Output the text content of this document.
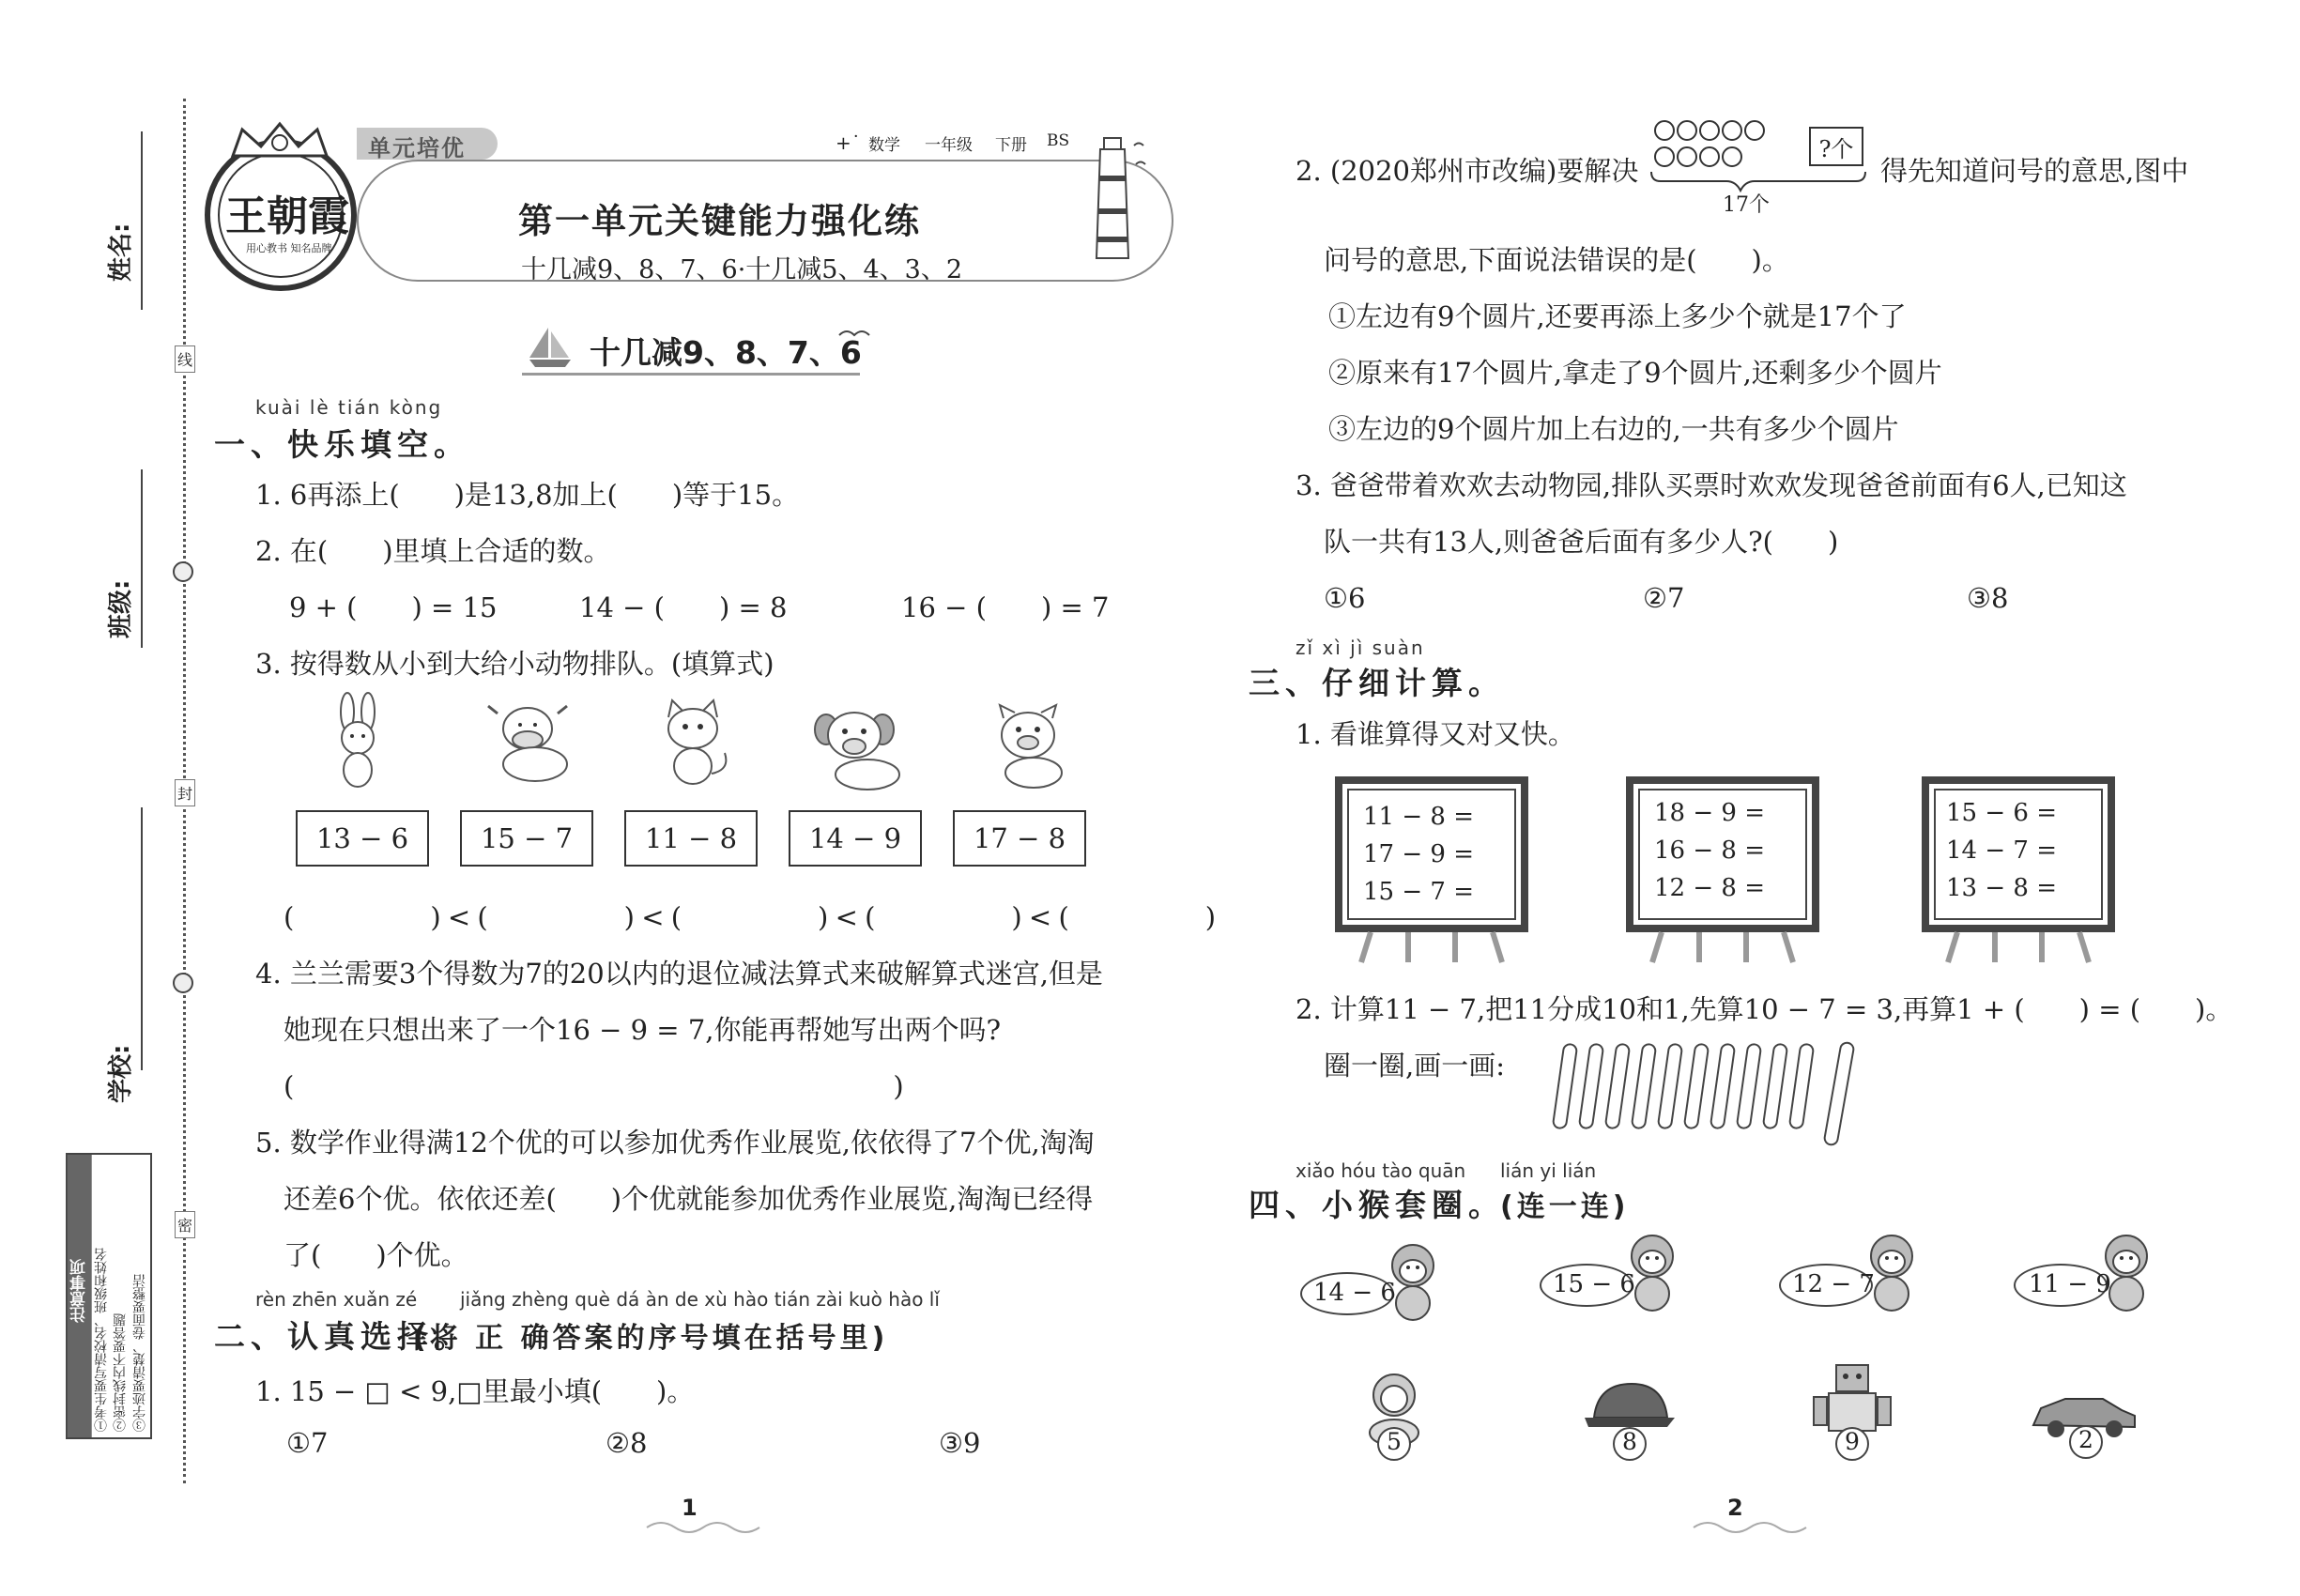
姓名:
班级:
学校:
线
封
密
注意事项 ①考生要写清校名、班级和姓名 ②密封线内不要答题 ③字迹要清楚、卷面要整洁
王朝霞
用心教书 知名品牌
单元培优	+˙ 数学 一年级 下册 BS
第一单元关键能力强化练
十几减9、8、7、6·十几减5、4、3、2
十几减9、8、7、6
kuài lè tián kòng
一、快乐填空。
1. 6再添上(　　)是13,8加上(　　)等于15。
2. 在(　　)里填上合适的数。
9 + (　　) = 15	14 − (　　) = 8	16 − (　　) = 7
3. 按得数从小到大给小动物排队。(填算式)
13 − 6	15 − 7	11 − 8	14 − 9	17 − 8
(　　　　　) < (　　　　　) < (　　　　　) < (　　　　　) < (　　　　　)
4. 兰兰需要3个得数为7的20以内的退位减法算式来破解算式迷宫,但是
她现在只想出来了一个16 − 9 = 7,你能再帮她写出两个吗?
(　　　　　　　　　　　　　　　　　　　　　　)
5. 数学作业得满12个优的可以参加优秀作业展览,依依得了7个优,淘淘
还差6个优。依依还差(　　)个优就能参加优秀作业展览,淘淘已经得
了(　　)个优。
rèn zhēn xuǎn zé jiǎng zhèng què dá àn de xù hào tián zài kuò hào lǐ
二、认真选择。
(将 正 确答案的序号填在括号里)
1. 15 − □ < 9,□里最小填(　　)。
①7	②8	③9
1
2. (2020郑州市改编)要解决
?个
17个
得先知道问号的意思,图中
问号的意思,下面说法错误的是(　　)。
①左边有9个圆片,还要再添上多少个就是17个了
②原来有17个圆片,拿走了9个圆片,还剩多少个圆片
③左边的9个圆片加上右边的,一共有多少个圆片
3. 爸爸带着欢欢去动物园,排队买票时欢欢发现爸爸前面有6人,已知这
队一共有13人,则爸爸后面有多少人?(　　)
①6	②7	③8
zǐ xì jì suàn
三、仔细计算。
1. 看谁算得又对又快。
11 − 8 =
17 − 9 =
15 − 7 =
18 − 9 =
16 − 8 =
12 − 8 =
15 − 6 =
14 − 7 =
13 − 8 =
2. 计算11 − 7,把11分成10和1,先算10 − 7 = 3,再算1 + (　　) = (　　)。
圈一圈,画一画:
xiǎo hóu tào quān lián yi lián
四、小猴套圈。
(连一连)
14 − 6	15 − 6	12 − 7	11 − 9
5	8	9	2
2
